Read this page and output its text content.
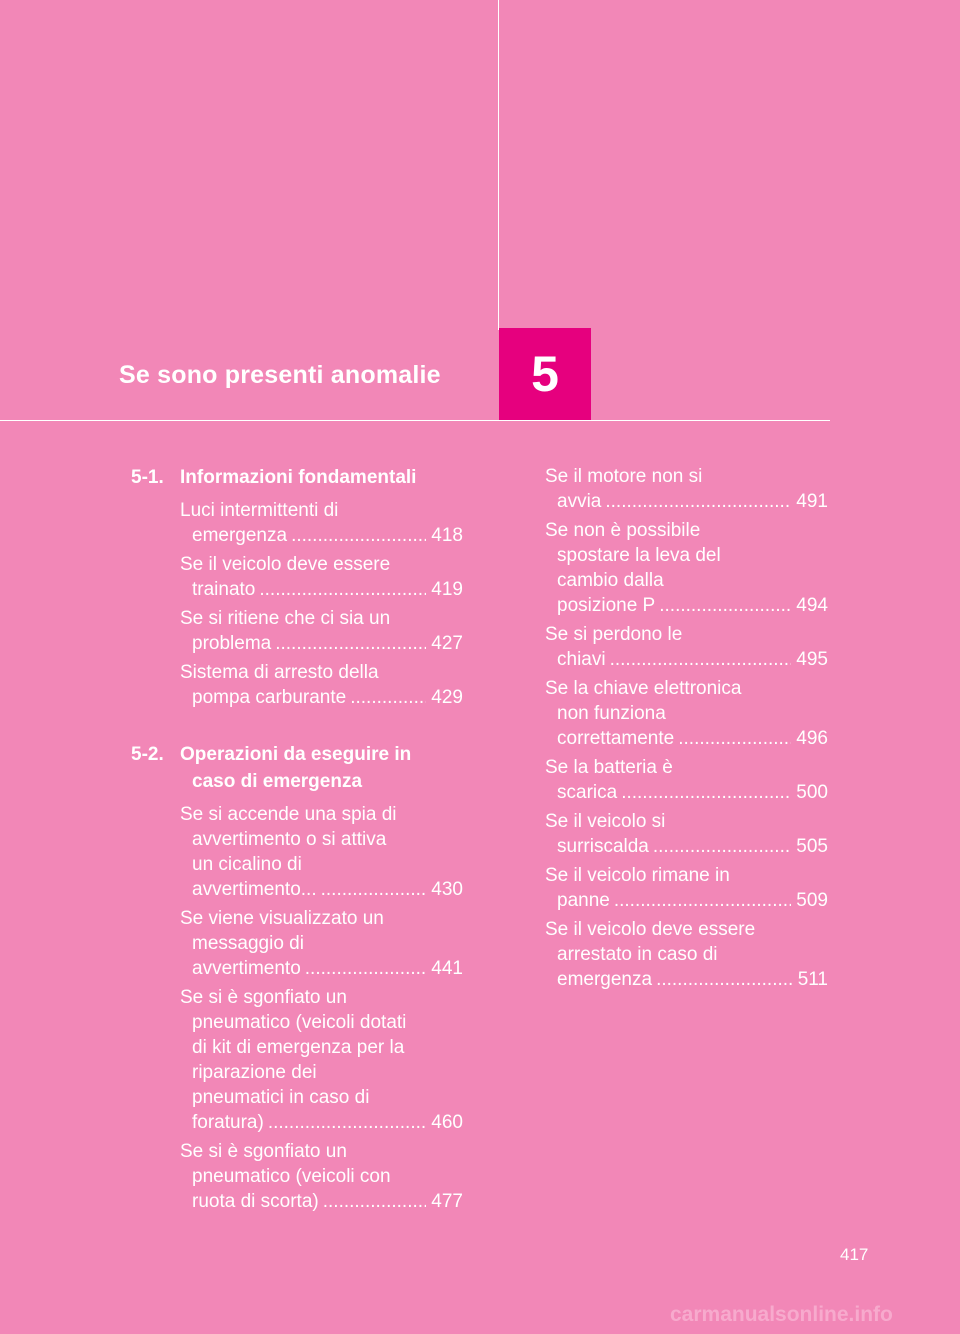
Se sono presenti anomalie 5
5-1. Informazioni fondamentali
Luci intermittenti di
emergenza .....	418
Se il veicolo deve essere
trainato .....	419
Se si ritiene che ci sia un
problema .....	427
Sistema di arresto della
pompa carburante .....	429
5-2. Operazioni da eseguire in
caso di emergenza
Se si accende una spia di
avvertimento o si attiva
un cicalino di
avvertimento... .....	430
Se viene visualizzato un
messaggio di
avvertimento .....	441
Se si è sgonfiato un
pneumatico (veicoli dotati
di kit di emergenza per la
riparazione dei
pneumatici in caso di
foratura) .....	460
Se si è sgonfiato un
pneumatico (veicoli con
ruota di scorta) .....	477
Se il motore non si
avvia .....	491
Se non è possibile
spostare la leva del
cambio dalla
posizione P .....	494
Se si perdono le
chiavi .....	495
Se la chiave elettronica
non funziona
correttamente .....	496
Se la batteria è
scarica .....	500
Se il veicolo si
surriscalda .....	505
Se il veicolo rimane in
panne .....	509
Se il veicolo deve essere
arrestato in caso di
emergenza .....	511
417
carmanualsonline.info
